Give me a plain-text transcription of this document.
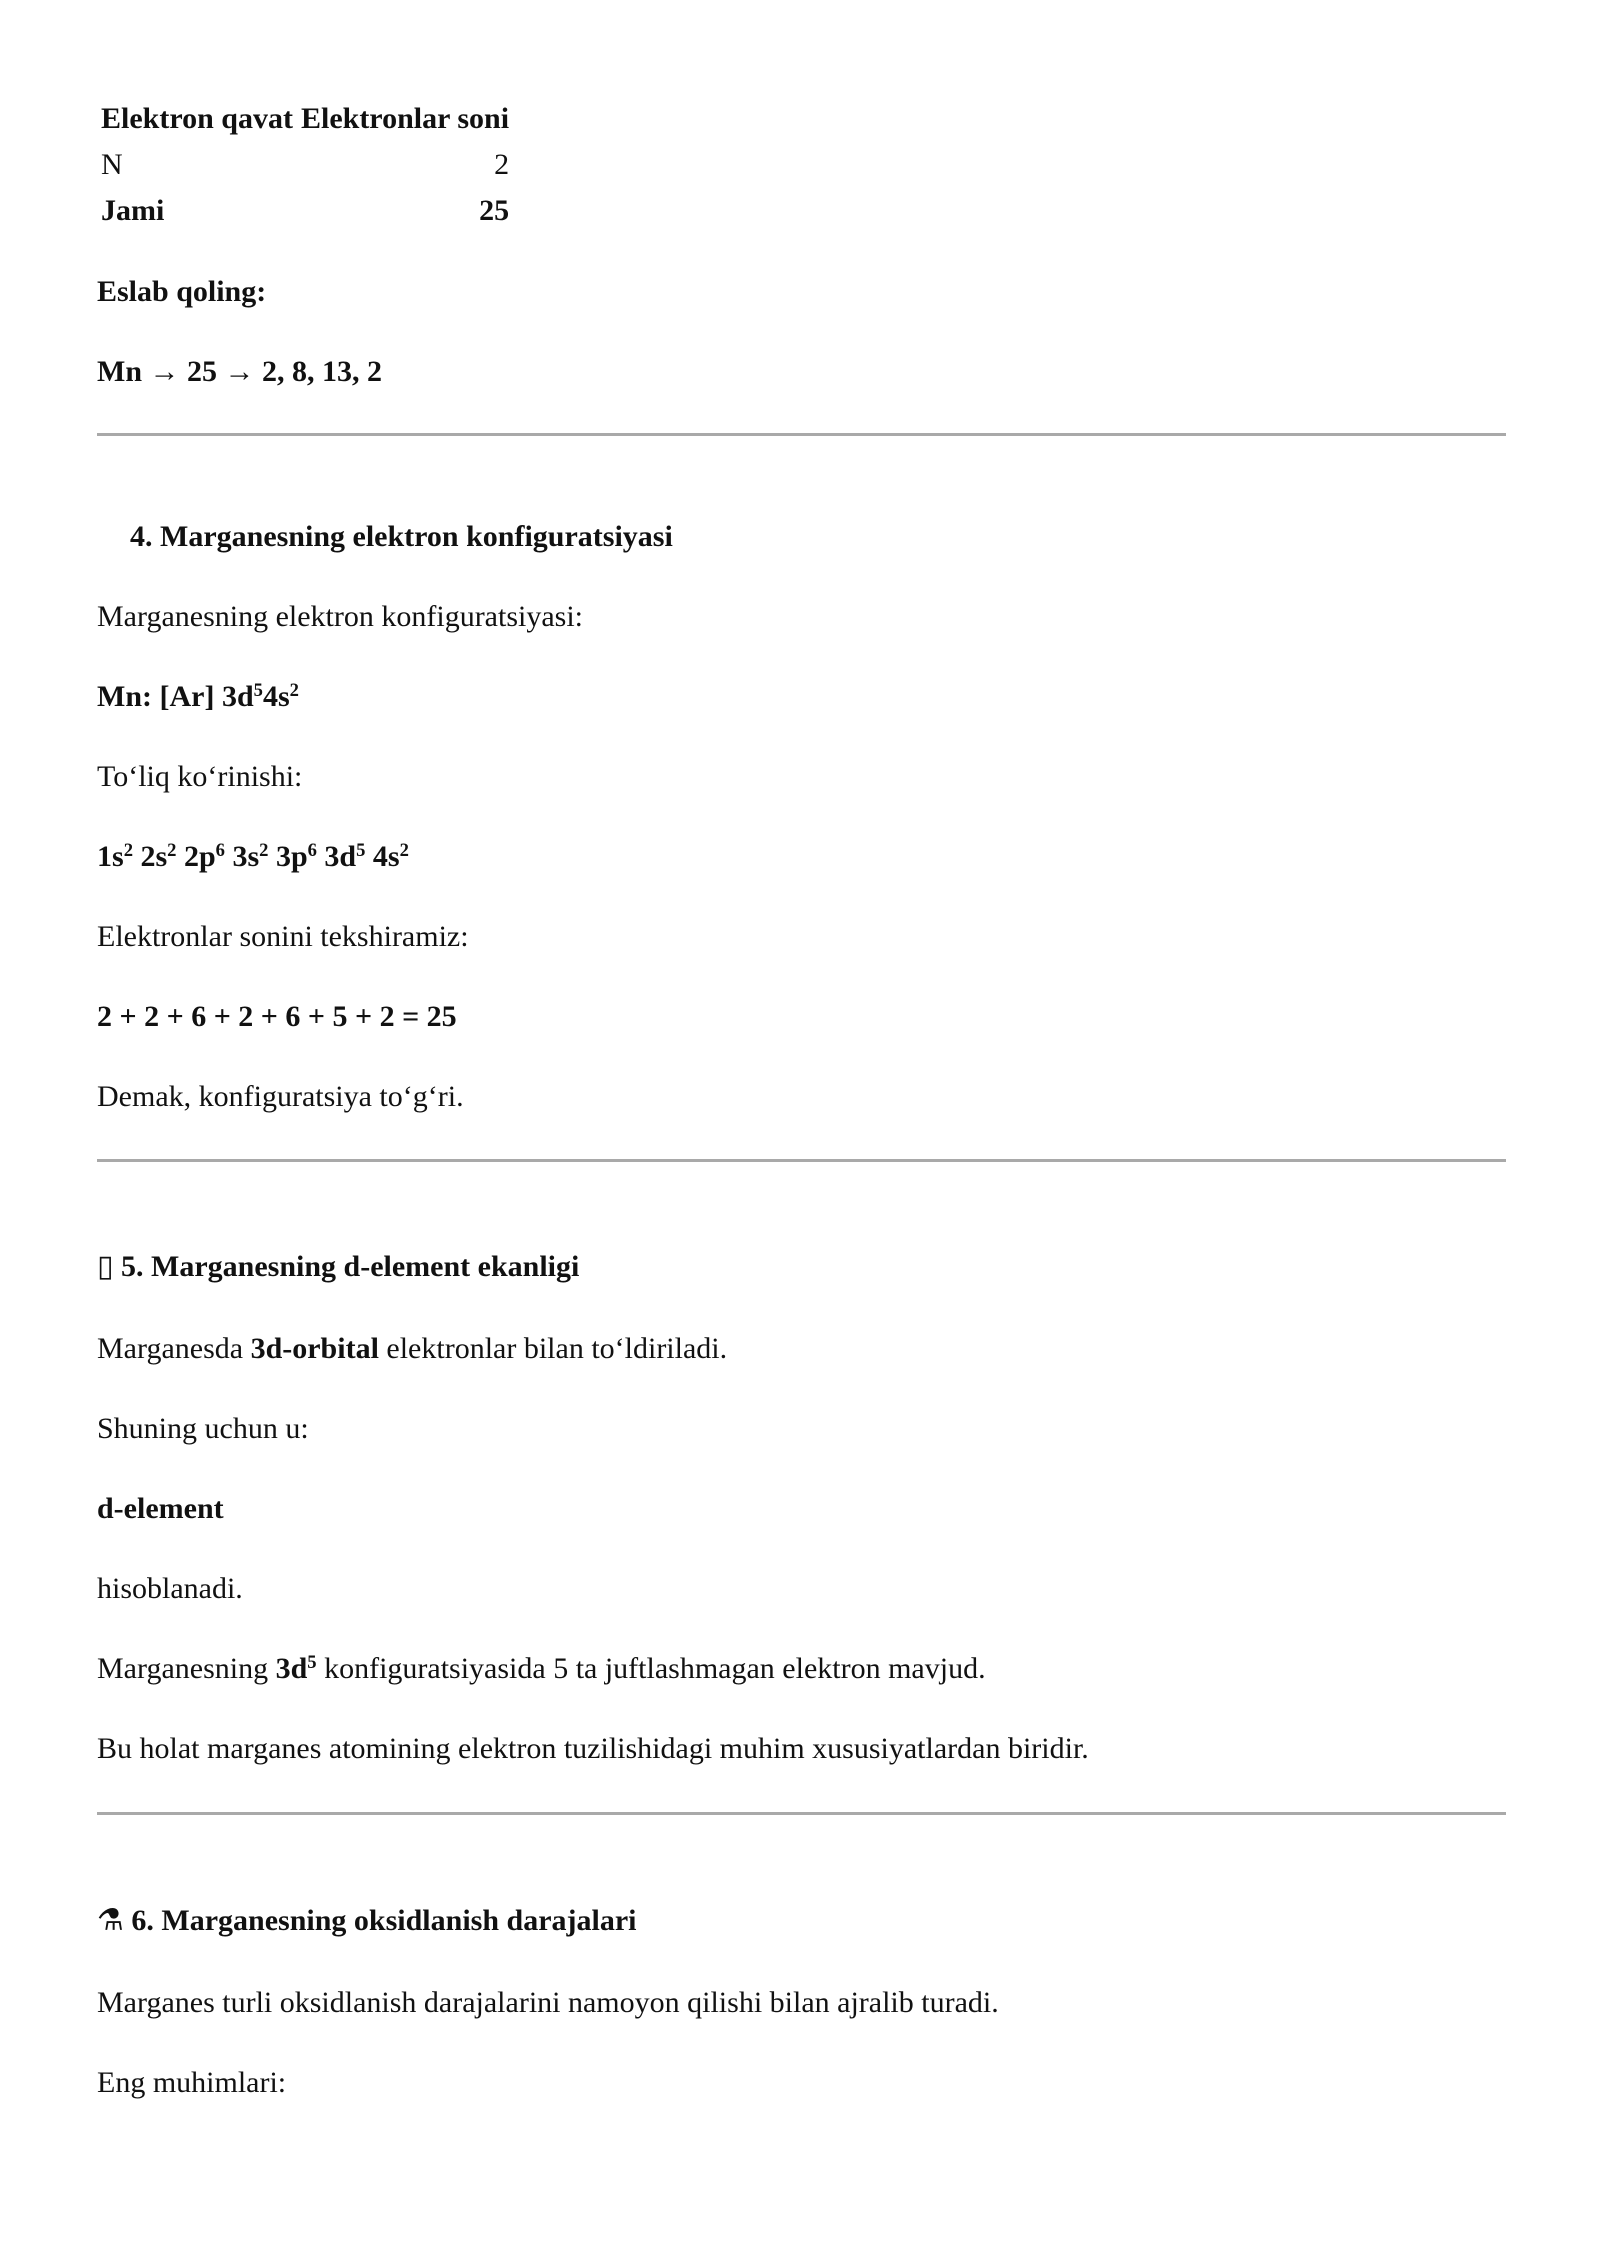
Elektron qavat	Elektronlar soni
N	2
Jami	25
Eslab qoling:
Mn → 25 → 2, 8, 13, 2
4. Marganesning elektron konfiguratsiyasi
Marganesning elektron konfiguratsiyasi:
Mn: [Ar] $3d^54s^2$
To‘liq ko‘rinishi:
$1s^2$ $2s^2$ $2p^6$ $3s^2$ $3p^6$ $3d^5$ $4s^2$
Elektronlar sonini tekshiramiz:
2 + 2 + 6 + 2 + 6 + 5 + 2 = 25
Demak, konfiguratsiya to‘g‘ri.
▯ 5. Marganesning d-element ekanligi
Marganesda 3d-orbital elektronlar bilan to‘ldiriladi.
Shuning uchun u:
d-element
hisoblanadi.
Marganesning $3d^5$ konfiguratsiyasida 5 ta juftlashmagan elektron mavjud.
Bu holat marganes atomining elektron tuzilishidagi muhim xususiyatlardan biridir.
⚗ 6. Marganesning oksidlanish darajalari
Marganes turli oksidlanish darajalarini namoyon qilishi bilan ajralib turadi.
Eng muhimlari:
